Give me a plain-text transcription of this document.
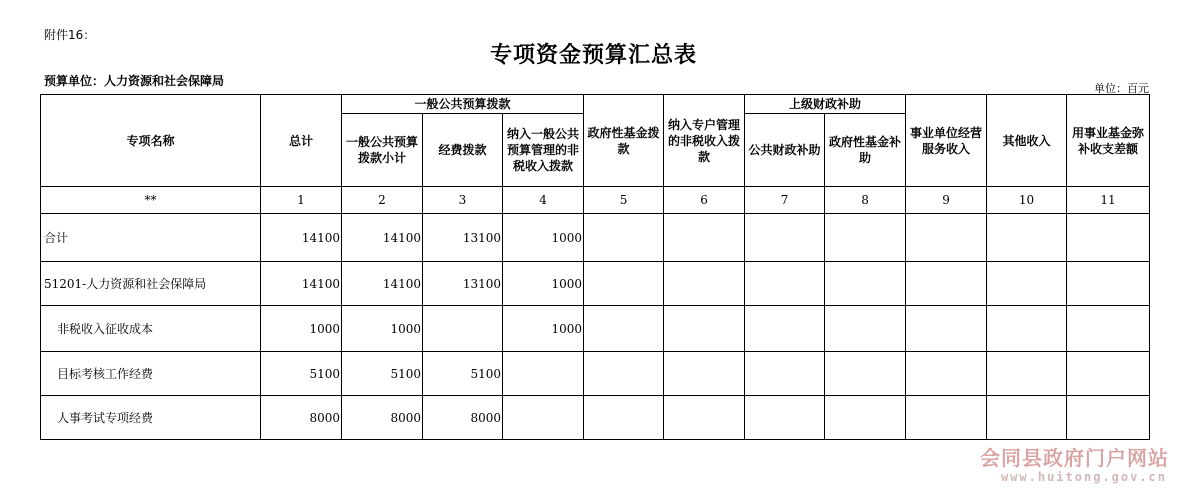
附件16：
专项资金预算汇总表
预算单位：人力资源和社会保障局
单位：百元
专项名称	总计	一般公共预算拨款			政府性基金拨款	纳入专户管理的非税收入拨款	上级财政补助		事业单位经营服务收入	其他收入	用事业基金弥补收支差额
		一般公共预算拨款小计	经费拨款	纳入一般公共预算管理的非税收入拨款			公共财政补助	政府性基金补助			
**	1	2	3	4	5	6	7	8	9	10	11
合计	14100	14100	13100	1000							
51201-人力资源和社会保障局	14100	14100	13100	1000							
非税收入征收成本	1000	1000		1000							
目标考核工作经费	5100	5100	5100								
人事考试专项经费	8000	8000	8000								
会同县政府门户网站
www.huitong.gov.cn
